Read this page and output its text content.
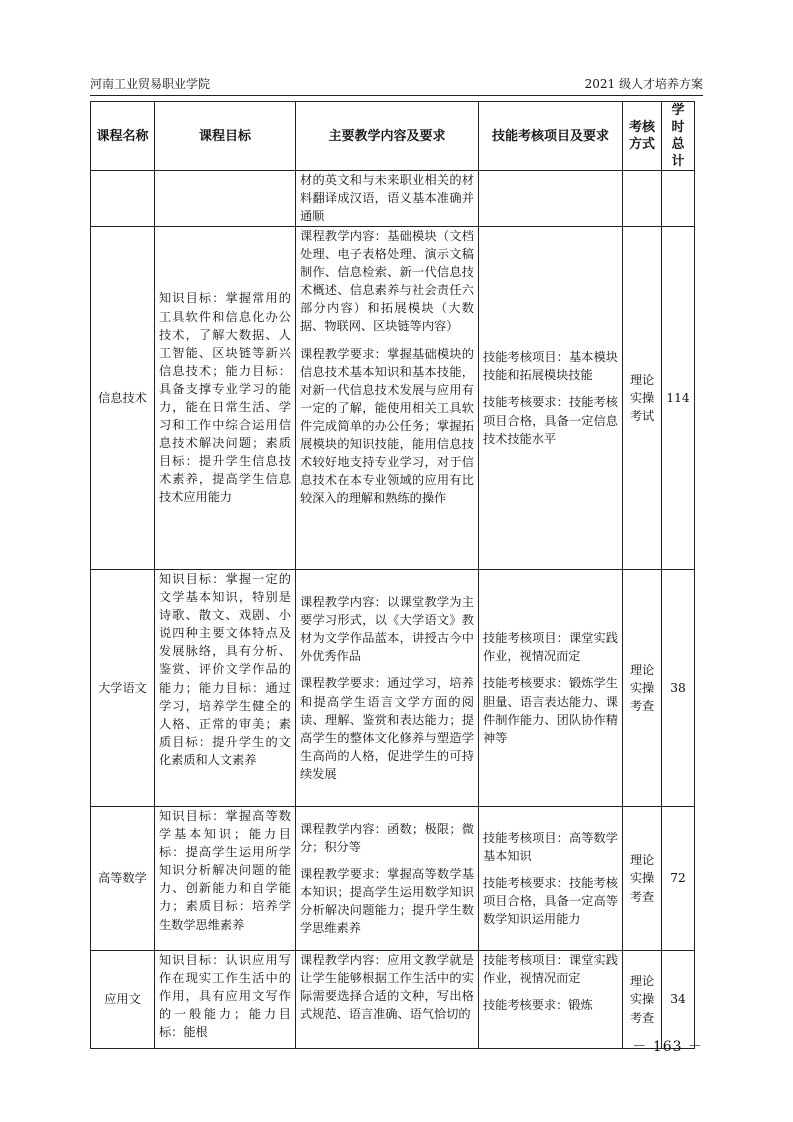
河南工业贸易职业学院	2021 级人才培养方案
课程名称	课程目标	主要教学内容及要求	技能考核项目及要求	考核方式	学时总计

		材的英文和与未来职业相关的材料翻译成汉语，语义基本准确并通顺			

信息技术	知识目标：掌握常用的工具软件和信息化办公技术，了解大数据、人工智能、区块链等新兴信息技术；能力目标：具备支撑专业学习的能力，能在日常生活、学习和工作中综合运用信息技术解决问题；素质目标：提升学生信息技术素养，提高学生信息技术应用能力	课程教学内容：基础模块（文档处理、电子表格处理、演示文稿制作、信息检索、新一代信息技术概述、信息素养与社会责任六部分内容）和拓展模块（大数据、物联网、区块链等内容）
课程教学要求：掌握基础模块的信息技术基本知识和基本技能，对新一代信息技术发展与应用有一定的了解，能使用相关工具软件完成简单的办公任务；掌握拓展模块的知识技能，能用信息技术较好地支持专业学习，对于信息技术在本专业领域的应用有比较深入的理解和熟练的操作	技能考核项目：基本模块技能和拓展模块技能
技能考核要求：技能考核项目合格，具备一定信息技术技能水平	理论实操考试	114
大学语文	知识目标：掌握一定的文学基本知识，特别是诗歌、散文、戏剧、小说四种主要文体特点及发展脉络，具有分析、鉴赏、评价文学作品的能力；能力目标：通过学习，培养学生健全的人格、正常的审美；素质目标：提升学生的文化素质和人文素养	课程教学内容：以课堂教学为主要学习形式，以《大学语文》教材为文学作品蓝本，讲授古今中外优秀作品
课程教学要求：通过学习，培养和提高学生语言文学方面的阅读、理解、鉴赏和表达能力；提高学生的整体文化修养与塑造学生高尚的人格，促进学生的可持续发展	技能考核项目：课堂实践作业，视情况而定
技能考核要求：锻炼学生胆量、语言表达能力、课件制作能力、团队协作精神等	理论实操考查	38
高等数学	知识目标：掌握高等数学基本知识；能力目标：提高学生运用所学知识分析解决问题的能力、创新能力和自学能力；素质目标：培养学生数学思维素养	课程教学内容：函数；极限；微分；积分等
课程教学要求：掌握高等数学基本知识；提高学生运用数学知识分析解决问题能力；提升学生数学思维素养	技能考核项目：高等数学基本知识
技能考核要求：技能考核项目合格，具备一定高等数学知识运用能力	理论实操考查	72
应用文	知识目标：认识应用写作在现实工作生活中的作用，具有应用文写作的一般能力；能力目标：能根	课程教学内容：应用文教学就是让学生能够根据工作生活中的实际需要选择合适的文种，写出格式规范、语言准确、语气恰切的	技能考核项目：课堂实践作业，视情况而定
技能考核要求：锻炼	理论实操考查	34
－ 163 －
